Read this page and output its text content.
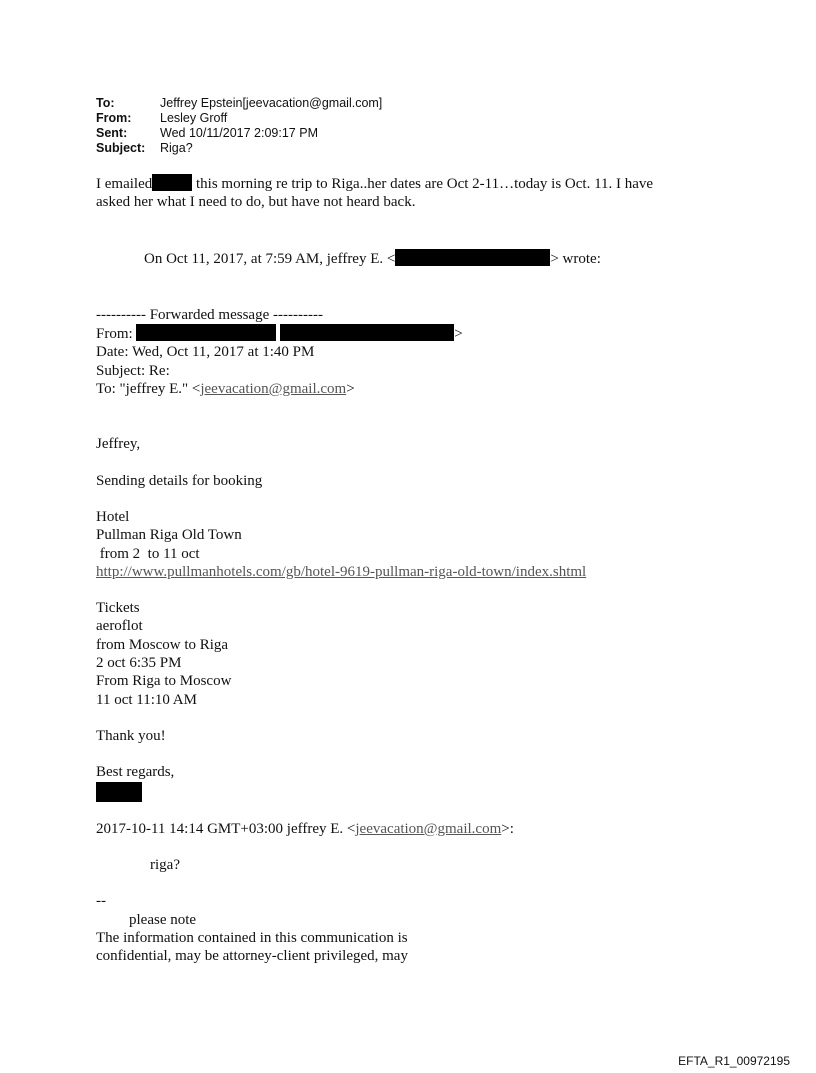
To:	Jeffrey Epstein[jeevacation@gmail.com]
From:	Lesley Groff
Sent:	Wed 10/11/2017 2:09:17 PM
Subject:	Riga?

I emailed	this morning re trip to Riga..her dates are Oct 2-11…today is Oct. 11. I have

asked her what I need to do, but have not heard back.

On Oct 11, 2017, at 7:59 AM, jeffrey E. <	> wrote:

---------- Forwarded message ----------

From:	>

Date: Wed, Oct 11, 2017 at 1:40 PM

Subject: Re:

To: "jeffrey E." <jeevacation@gmail.com>

Jeffrey,

Sending details for booking

Hotel

Pullman Riga Old Town

from 2  to 11 oct

http://www.pullmanhotels.com/gb/hotel-9619-pullman-riga-old-town/index.shtml

Tickets

aeroflot

from Moscow to Riga

2 oct 6:35 PM

From Riga to Moscow

11 oct 11:10 AM

Thank you!

Best regards,

2017-10-11 14:14 GMT+03:00 jeffrey E. <jeevacation@gmail.com>:

riga?

--

please note

The information contained in this communication is

confidential, may be attorney-client privileged, may

EFTA_R1_00972195
